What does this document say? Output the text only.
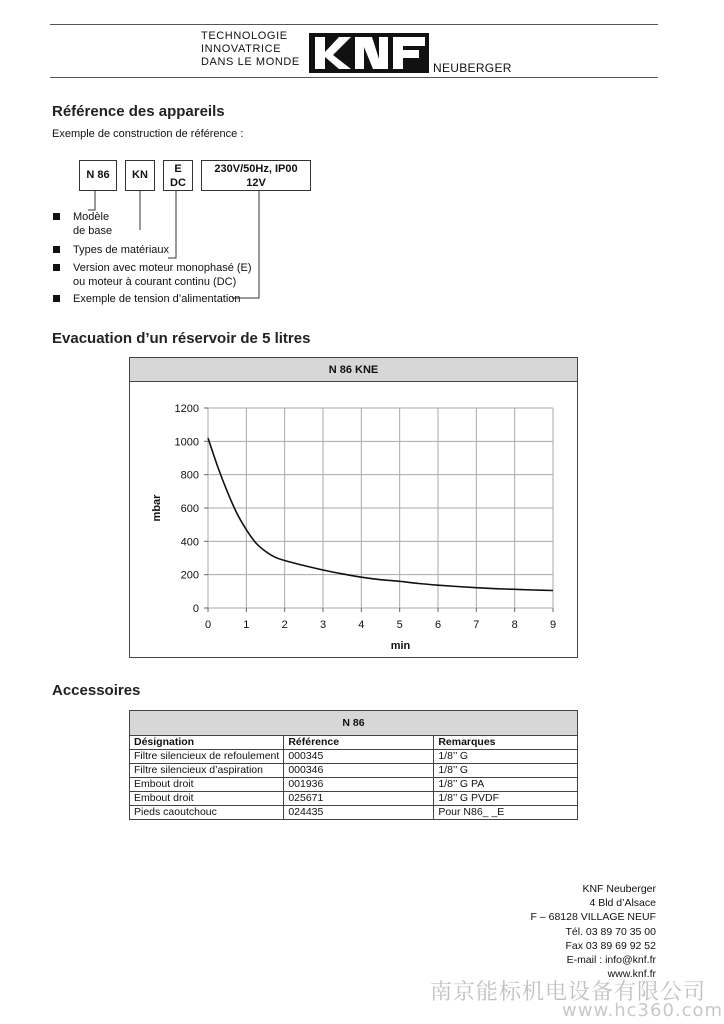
TECHNOLOGIE
INNOVATRICE
DANS LE MONDE	NEUBERGER
Référence des appareils
Exemple de construction de référence :
N 86	KN	E
DC
230V/50Hz, IP00
12V
Modèle
de base
Types de matériaux
Version avec moteur monophasé (E)
ou moteur à courant continu (DC)
Exemple de tension d’alimentation
Evacuation d’un réservoir de 5 litres
N 86 KNE
0	1	2	3	4	5	6	7	8	9
0
200
400
600
800
1000
1200
min
mbar
Accessoires
N 86		
Désignation	Référence	Remarques
Filtre silencieux de refoulement	000345	1/8’’ G
Filtre silencieux d’aspiration	000346	1/8’’ G
Embout droit	001936	1/8’’ G PA
Embout droit	025671	1/8’’ G PVDF
Pieds caoutchouc	024435	Pour N86_ _E
KNF Neuberger
4 Bld d’Alsace
F – 68128 VILLAGE NEUF
Tél. 03 89 70 35 00
Fax 03 89 69 92 52
E-mail : info@knf.fr
www.knf.fr
南京能标机电设备有限公司
www.hc360.com
